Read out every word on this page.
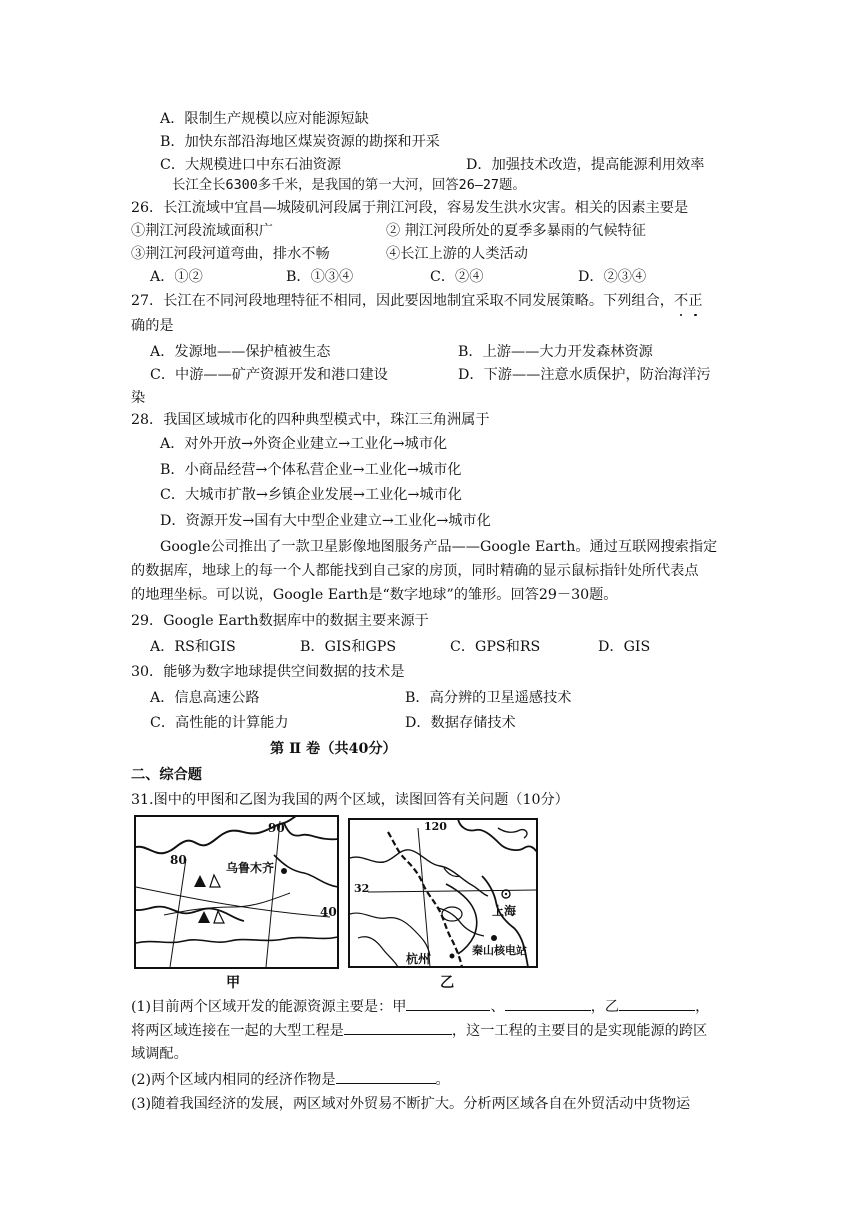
A．限制生产规模以应对能源短缺
B．加快东部沿海地区煤炭资源的勘探和开采
C．大规模进口中东石油资源	D．加强技术改造，提高能源利用效率
长江全长6300多千米，是我国的第一大河，回答26—27题。
26．长江流域中宜昌—城陵矶河段属于荆江河段，容易发生洪水灾害。相关的因素主要是
①荆江河段流域面积广	② 荆江河段所处的夏季多暴雨的气候特征
③荆江河段河道弯曲，排水不畅	④长江上游的人类活动
A．①②	B．①③④	C．②④	D．②③④
27．长江在不同河段地理特征不相同，因此要因地制宜采取不同发展策略。下列组合，不正
确的是
A．发源地——保护植被生态	B．上游——大力开发森林资源
C．中游——矿产资源开发和港口建设	D．下游——注意水质保护，防治海洋污
染
28．我国区域城市化的四种典型模式中，珠江三角洲属于
A．对外开放→外资企业建立→工业化→城市化
B．小商品经营→个体私营企业→工业化→城市化
C．大城市扩散→乡镇企业发展→工业化→城市化
D．资源开发→国有大中型企业建立→工业化→城市化
Google公司推出了一款卫星影像地图服务产品——Google Earth。通过互联网搜索指定
的数据库，地球上的每一个人都能找到自己家的房顶，同时精确的显示鼠标指针处所代表点
的地理坐标。可以说，Google Earth是“数字地球”的雏形。回答29－30题。
29．Google Earth数据库中的数据主要来源于
A．RS和GIS	B．GIS和GPS	C．GPS和RS	D．GIS
30．能够为数字地球提供空间数据的技术是
A．信息高速公路	B．高分辨的卫星遥感技术
C．高性能的计算能力	D．数据存储技术
第 Ⅱ 卷（共40分）
二、综合题
31.图中的甲图和乙图为我国的两个区域，读图回答有关问题（10分）
80
90
40
乌鲁木齐
甲
120
32
上海
杭州
秦山核电站
乙
(1)目前两个区域开发的能源资源主要是：甲	、	，乙	，
将两区域连接在一起的大型工程是	，这一工程的主要目的是实现能源的跨区
域调配。
(2)两个区域内相同的经济作物是	。
(3)随着我国经济的发展，两区域对外贸易不断扩大。分析两区域各自在外贸活动中货物运
